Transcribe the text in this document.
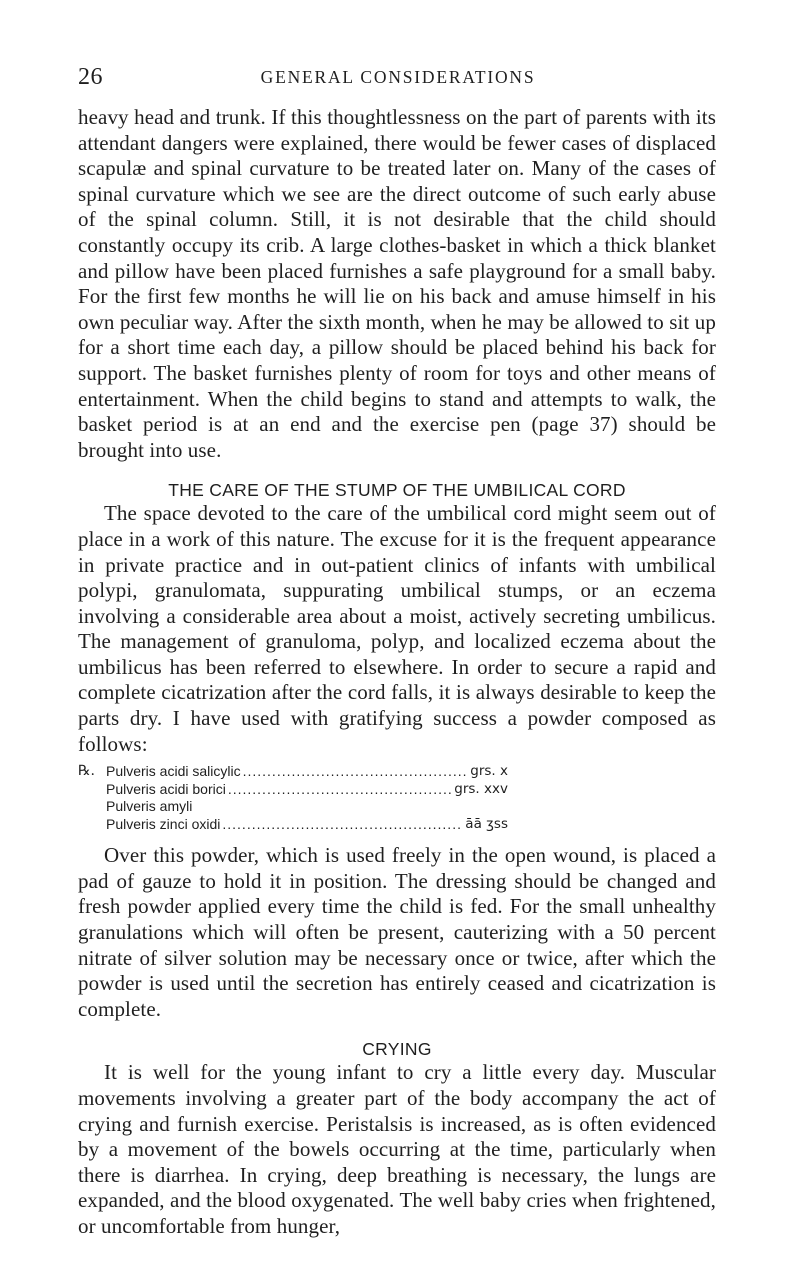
26	GENERAL CONSIDERATIONS

heavy head and trunk. If this thoughtlessness on the part of parents with its attendant dangers were explained, there would be fewer cases of displaced scapulæ and spinal curvature to be treated later on. Many of the cases of spinal curvature which we see are the direct outcome of such early abuse of the spinal column. Still, it is not desirable that the child should constantly occupy its crib. A large clothes-basket in which a thick blanket and pillow have been placed furnishes a safe playground for a small baby. For the first few months he will lie on his back and amuse himself in his own peculiar way. After the sixth month, when he may be allowed to sit up for a short time each day, a pillow should be placed behind his back for support. The basket furnishes plenty of room for toys and other means of entertainment. When the child begins to stand and attempts to walk, the basket period is at an end and the exercise pen (page 37) should be brought into use.

THE CARE OF THE STUMP OF THE UMBILICAL CORD

The space devoted to the care of the umbilical cord might seem out of place in a work of this nature. The excuse for it is the frequent appearance in private practice and in out-patient clinics of infants with umbilical polypi, granulomata, suppurating umbilical stumps, or an eczema involving a considerable area about a moist, actively secreting umbilicus. The management of granuloma, polyp, and localized eczema about the umbilicus has been referred to elsewhere. In order to secure a rapid and complete cicatrization after the cord falls, it is always desirable to keep the parts dry. I have used with gratifying success a powder composed as follows:

℞. Pulveris acidi salicylic .....	grs. x
Pulveris acidi borici .....	grs. xxv
Pulveris amyli
Pulveris zinci oxidi .....	āā ʒss

Over this powder, which is used freely in the open wound, is placed a pad of gauze to hold it in position. The dressing should be changed and fresh powder applied every time the child is fed. For the small unhealthy granulations which will often be present, cauterizing with a 50 percent nitrate of silver solution may be necessary once or twice, after which the powder is used until the secretion has entirely ceased and cicatrization is complete.

CRYING

It is well for the young infant to cry a little every day. Muscular movements involving a greater part of the body accompany the act of crying and furnish exercise. Peristalsis is increased, as is often evidenced by a movement of the bowels occurring at the time, particularly when there is diarrhea. In crying, deep breathing is necessary, the lungs are expanded, and the blood oxygenated. The well baby cries when frightened, or uncomfortable from hunger,
